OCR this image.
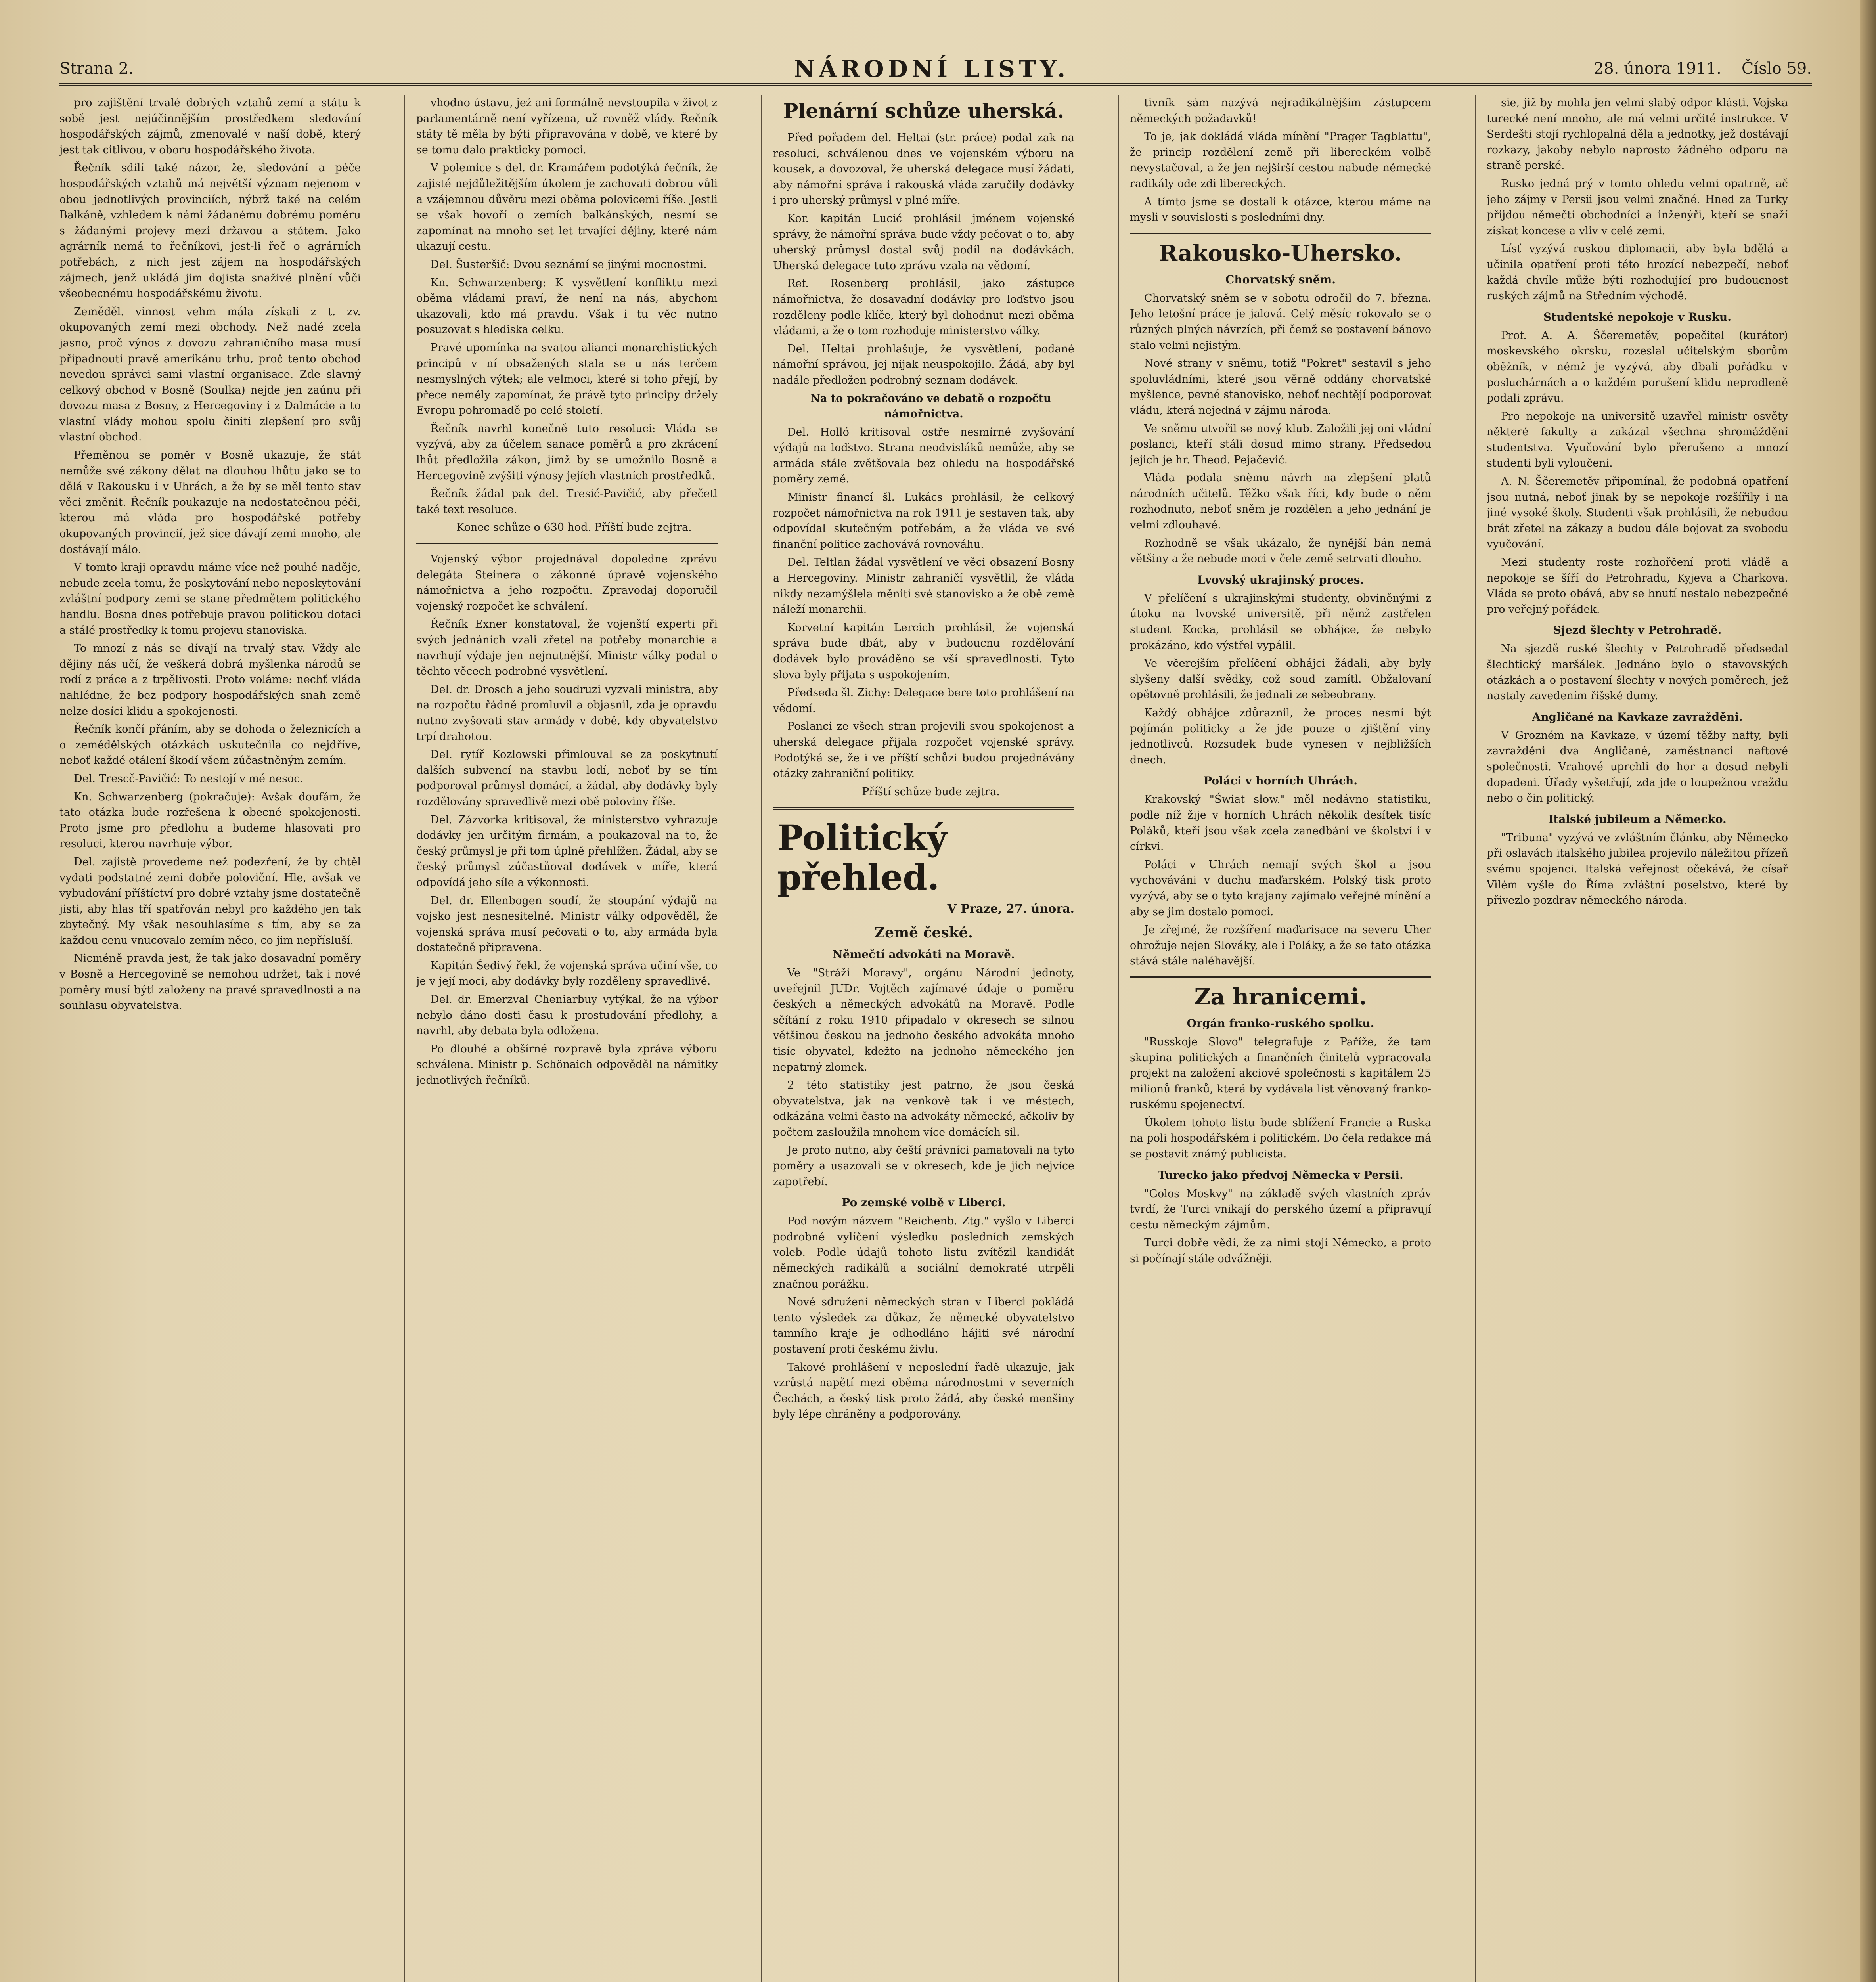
Strana 2.	NÁRODNÍ LISTY.	28. února 1911. Číslo 59.

pro zajištění trvalé dobrých vztahů zemí a státu k sobě jest nejúčinnějším prostředkem sledování hospodářských zájmů, zmenovalé v naší době, který jest tak citlivou, v oboru hospodářského života.

Řečník sdílí také názor, že, sledování a péče hospodářských vztahů má největší význam nejenom v obou jednotlivých provinciích, nýbrž také na celém Balkáně, vzhledem k námi žádanému dobrému poměru s žádanými projevy mezi državou a státem. Jako agrárník nemá to řečníkovi, jest-li řeč o agrárních potřebách, z nich jest zájem na hospodářských zájmech, jenž ukládá jim dojista snaživé plnění vůči všeobecnému hospodářskému životu.

Zeměděl. vinnost vehm mála získali z t. zv. okupovaných zemí mezi obchody. Než nadé zcela jasno, proč výnos z dovozu zahraničního masa musí připadnouti pravě amerikánu trhu, proč tento obchod nevedou správci sami vlastní organisace. Zde slavný celkový obchod v Bosně (Soulka) nejde jen zaúnu při dovozu masa z Bosny, z Hercegoviny i z Dalmácie a to vlastní vlády mohou spolu činiti zlepšení pro svůj vlastní obchod.

Přeměnou se poměr v Bosně ukazuje, že stát nemůže své zákony dělat na dlouhou lhůtu jako se to dělá v Rakousku i v Uhrách, a že by se měl tento stav věci změnit. Řečník poukazuje na nedostatečnou péči, kterou má vláda pro hospodářské potřeby okupovaných provincií, jež sice dávají zemi mnoho, ale dostávají málo.

V tomto kraji opravdu máme více než pouhé naděje, nebude zcela tomu, že poskytování nebo neposkytování zvláštní podpory zemi se stane předmětem politického handlu. Bosna dnes potřebuje pravou politickou dotaci a stálé prostředky k tomu projevu stanoviska.

To mnozí z nás se dívají na trvalý stav. Vždy ale dějiny nás učí, že veškerá dobrá myšlenka národů se rodí z práce a z trpělivosti. Proto voláme: nechť vláda nahlédne, že bez podpory hospodářských snah země nelze dosíci klidu a spokojenosti.

Řečník končí přáním, aby se dohoda o železnicích a o zemědělských otázkách uskutečnila co nejdříve, neboť každé otálení škodí všem zúčastněným zemím.

Del. Trescč-Pavičić: To nestojí v mé nesoc.

Kn. Schwarzenberg (pokračuje): Avšak doufám, že tato otázka bude rozřešena k obecné spokojenosti. Proto jsme pro předlohu a budeme hlasovati pro resoluci, kterou navrhuje výbor.

Del. zajistě provedeme než podezření, že by chtěl vydati podstatné zemi dobře poloviční. Hle, avšak ve vybudování příštíctví pro dobré vztahy jsme dostatečně jisti, aby hlas tří spatřován nebyl pro každého jen tak zbytečný. My však nesouhlasíme s tím, aby se za každou cenu vnucovalo zemím něco, co jim nepřísluší.

Nicméně pravda jest, že tak jako dosavadní poměry v Bosně a Hercegovině se nemohou udržet, tak i nové poměry musí býti založeny na pravé spravedlnosti a na souhlasu obyvatelstva.

vhodno ústavu, jež ani formálně nevstoupila v život z parlamentárně není vyřízena, už rovněž vlády. Řečník státy tě měla by býti připravována v době, ve které by se tomu dalo prakticky pomoci.

V polemice s del. dr. Kramářem podotýká řečník, že zajisté nejdůležitějším úkolem je zachovati dobrou vůli a vzájemnou důvěru mezi oběma polovicemi říše. Jestli se však hovoří o zemích balkánských, nesmí se zapomínat na mnoho set let trvající dějiny, které nám ukazují cestu.

Del. Šusteršič: Dvou seznámí se jinými mocnostmi.

Kn. Schwarzenberg: K vysvětlení konfliktu mezi oběma vládami praví, že není na nás, abychom ukazovali, kdo má pravdu. Však i tu věc nutno posuzovat s hlediska celku.

Pravé upomínka na svatou alianci monarchistických principů v ní obsažených stala se u nás terčem nesmyslných výtek; ale velmoci, které si toho přejí, by přece neměly zapomínat, že právě tyto principy držely Evropu pohromadě po celé století.

Řečník navrhl konečně tuto resoluci: Vláda se vyzývá, aby za účelem sanace poměrů a pro zkrácení lhůt předložila zákon, jímž by se umožnilo Bosně a Hercegovině zvýšiti výnosy jejích vlastních prostředků.

Řečník žádal pak del. Tresić-Pavičić, aby přečetl také text resoluce.

Konec schůze o 630 hod. Příští bude zejtra.

Vojenský výbor projednával dopoledne zprávu delegáta Steinera o zákonné úpravě vojenského námořnictva a jeho rozpočtu. Zpravodaj doporučil vojenský rozpočet ke schválení.

Řečník Exner konstatoval, že vojenští experti při svých jednáních vzali zřetel na potřeby monarchie a navrhují výdaje jen nejnutnější. Ministr války podal o těchto věcech podrobné vysvětlení.

Del. dr. Drosch a jeho soudruzi vyzvali ministra, aby na rozpočtu řádně promluvil a objasnil, zda je opravdu nutno zvyšovati stav armády v době, kdy obyvatelstvo trpí drahotou.

Del. rytíř Kozlowski přimlouval se za poskytnutí dalších subvencí na stavbu lodí, neboť by se tím podporoval průmysl domácí, a žádal, aby dodávky byly rozdělovány spravedlivě mezi obě poloviny říše.

Del. Zázvorka kritisoval, že ministerstvo vyhrazuje dodávky jen určitým firmám, a poukazoval na to, že český průmysl je při tom úplně přehlížen. Žádal, aby se český průmysl zúčastňoval dodávek v míře, která odpovídá jeho síle a výkonnosti.

Del. dr. Ellenbogen soudí, že stoupání výdajů na vojsko jest nesnesitelné. Ministr války odpověděl, že vojenská správa musí pečovati o to, aby armáda byla dostatečně připravena.

Kapitán Šedivý řekl, že vojenská správa učiní vše, co je v její moci, aby dodávky byly rozděleny spravedlivě.

Del. dr. Emerzval Cheniarbuy vytýkal, že na výbor nebylo dáno dosti času k prostudování předlohy, a navrhl, aby debata byla odložena.

Po dlouhé a obšírné rozpravě byla zpráva výboru schválena. Ministr p. Schönaich odpověděl na námitky jednotlivých řečníků.

Plenární schůze uherská.

Před pořadem del. Heltai (str. práce) podal zak na resoluci, schválenou dnes ve vojenském výboru na kousek, a dovozoval, že uherská delegace musí žádati, aby námořní správa i rakouská vláda zaručily dodávky i pro uherský průmysl v plné míře.

Kor. kapitán Lucić prohlásil jménem vojenské správy, že námořní správa bude vždy pečovat o to, aby uherský průmysl dostal svůj podíl na dodávkách. Uherská delegace tuto zprávu vzala na vědomí.

Ref. Rosenberg prohlásil, jako zástupce námořnictva, že dosavadní dodávky pro loďstvo jsou rozděleny podle klíče, který byl dohodnut mezi oběma vládami, a že o tom rozhoduje ministerstvo války.

Del. Heltai prohlašuje, že vysvětlení, podané námořní správou, jej nijak neuspokojilo. Žádá, aby byl nadále předložen podrobný seznam dodávek.

Na to pokračováno ve debatě o rozpočtu námořnictva.

Del. Holló kritisoval ostře nesmírné zvyšování výdajů na loďstvo. Strana neodvisláků nemůže, aby se armáda stále zvětšovala bez ohledu na hospodářské poměry země.

Ministr financí šl. Lukács prohlásil, že celkový rozpočet námořnictva na rok 1911 je sestaven tak, aby odpovídal skutečným potřebám, a že vláda ve své finanční politice zachovává rovnováhu.

Del. Teltlan žádal vysvětlení ve věci obsazení Bosny a Hercegoviny. Ministr zahraničí vysvětlil, že vláda nikdy nezamýšlela měniti své stanovisko a že obě země náleží monarchii.

Korvetní kapitán Lercich prohlásil, že vojenská správa bude dbát, aby v budoucnu rozdělování dodávek bylo prováděno se vší spravedlností. Tyto slova byly přijata s uspokojením.

Předseda šl. Zichy: Delegace bere toto prohlášení na vědomí.

Poslanci ze všech stran projevili svou spokojenost a uherská delegace přijala rozpočet vojenské správy. Podotýká se, že i ve příští schůzi budou projednávány otázky zahraniční politiky.

Příští schůze bude zejtra.

Politický přehled.
V Praze, 27. února.
Země české.
Němečtí advokáti na Moravě.

Ve "Stráži Moravy", orgánu Národní jednoty, uveřejnil JUDr. Vojtěch zajímavé údaje o poměru českých a německých advokátů na Moravě. Podle sčítání z roku 1910 připadalo v okresech se silnou většinou českou na jednoho českého advokáta mnoho tisíc obyvatel, kdežto na jednoho německého jen nepatrný zlomek.

2 této statistiky jest patrno, že jsou česká obyvatelstva, jak na venkově tak i ve městech, odkázána velmi často na advokáty německé, ačkoliv by počtem zasloužila mnohem více domácích sil.

Je proto nutno, aby čeští právníci pamatovali na tyto poměry a usazovali se v okresech, kde je jich nejvíce zapotřebí.

Po zemské volbě v Liberci.

Pod novým názvem "Reichenb. Ztg." vyšlo v Liberci podrobné vylíčení výsledku posledních zemských voleb. Podle údajů tohoto listu zvítězil kandidát německých radikálů a sociální demokraté utrpěli značnou porážku.

Nové sdružení německých stran v Liberci pokládá tento výsledek za důkaz, že německé obyvatelstvo tamního kraje je odhodláno hájiti své národní postavení proti českému živlu.

Takové prohlášení v neposlední řadě ukazuje, jak vzrůstá napětí mezi oběma národnostmi v severních Čechách, a český tisk proto žádá, aby české menšiny byly lépe chráněny a podporovány.

tivník sám nazývá nejradikálnějším zástupcem německých požadavků!

To je, jak dokládá vláda mínění "Prager Tagblattu", že princip rozdělení země při libereckém volbě nevystačoval, a že jen nejširší cestou nabude německé radikály ode zdi libereckých.

A tímto jsme se dostali k otázce, kterou máme na mysli v souvislosti s posledními dny.

Rakousko-Uhersko.
Chorvatský sněm.

Chorvatský sněm se v sobotu odročil do 7. března. Jeho letošní práce je jalová. Celý měsíc rokovalo se o různých plných návrzích, při čemž se postavení bánovo stalo velmi nejistým.

Nové strany v sněmu, totiž "Pokret" sestavil s jeho spoluvládními, které jsou věrně oddány chorvatské myšlence, pevné stanovisko, neboť nechtějí podporovat vládu, která nejedná v zájmu národa.

Ve sněmu utvořil se nový klub. Založili jej oni vládní poslanci, kteří stáli dosud mimo strany. Předsedou jejich je hr. Theod. Pejačević.

Vláda podala sněmu návrh na zlepšení platů národních učitelů. Těžko však říci, kdy bude o něm rozhodnuto, neboť sněm je rozdělen a jeho jednání je velmi zdlouhavé.

Rozhodně se však ukázalo, že nynější bán nemá většiny a že nebude moci v čele země setrvati dlouho.

Lvovský ukrajinský proces.

V přelíčení s ukrajinskými studenty, obviněnými z útoku na lvovské universitě, při němž zastřelen student Kocka, prohlásil se obhájce, že nebylo prokázáno, kdo výstřel vypálil.

Ve včerejším přelíčení obhájci žádali, aby byly slyšeny další svědky, což soud zamítl. Obžalovaní opětovně prohlásili, že jednali ze sebeobrany.

Každý obhájce zdůraznil, že proces nesmí být pojímán politicky a že jde pouze o zjištění viny jednotlivců. Rozsudek bude vynesen v nejbližších dnech.

Poláci v horních Uhrách.

Krakovský "Świat słow." měl nedávno statistiku, podle níž žije v horních Uhrách několik desítek tisíc Poláků, kteří jsou však zcela zanedbáni ve školství i v církvi.

Poláci v Uhrách nemají svých škol a jsou vychováváni v duchu maďarském. Polský tisk proto vyzývá, aby se o tyto krajany zajímalo veřejné mínění a aby se jim dostalo pomoci.

Je zřejmé, že rozšíření maďarisace na severu Uher ohrožuje nejen Slováky, ale i Poláky, a že se tato otázka stává stále naléhavější.

Za hranicemi.
Orgán franko-ruského spolku.

"Russkoje Slovo" telegrafuje z Paříže, že tam skupina politických a finančních činitelů vypracovala projekt na založení akciové společnosti s kapitálem 25 milionů franků, která by vydávala list věnovaný franko-ruskému spojenectví.

Úkolem tohoto listu bude sblížení Francie a Ruska na poli hospodářském i politickém. Do čela redakce má se postavit známý publicista.

Turecko jako předvoj Německa v Persii.

"Golos Moskvy" na základě svých vlastních zpráv tvrdí, že Turci vnikají do perského území a připravují cestu německým zájmům.

Turci dobře vědí, že za nimi stojí Německo, a proto si počínají stále odvážněji.

sie, již by mohla jen velmi slabý odpor klásti. Vojska turecké není mnoho, ale má velmi určité instrukce. V Serdešti stojí rychlopalná děla a jednotky, jež dostávají rozkazy, jakoby nebylo naprosto žádného odporu na straně perské.

Rusko jedná prý v tomto ohledu velmi opatrně, ač jeho zájmy v Persii jsou velmi značné. Hned za Turky přijdou němečtí obchodníci a inženýři, kteří se snaží získat koncese a vliv v celé zemi.

Lísť vyzývá ruskou diplomacii, aby byla bdělá a učinila opatření proti této hrozící nebezpečí, neboť každá chvíle může býti rozhodující pro budoucnost ruských zájmů na Středním východě.

Studentské nepokoje v Rusku.

Prof. A. A. Ščeremetěv, popečitel (kurátor) moskevského okrsku, rozeslal učitelským sborům oběžník, v němž je vyzývá, aby dbali pořádku v posluchárnách a o každém porušení klidu neprodleně podali zprávu.

Pro nepokoje na universitě uzavřel ministr osvěty některé fakulty a zakázal všechna shromáždění studentstva. Vyučování bylo přerušeno a mnozí studenti byli vyloučeni.

A. N. Ščeremetěv připomínal, že podobná opatření jsou nutná, neboť jinak by se nepokoje rozšířily i na jiné vysoké školy. Studenti však prohlásili, že nebudou brát zřetel na zákazy a budou dále bojovat za svobodu vyučování.

Mezi studenty roste rozhořčení proti vládě a nepokoje se šíří do Petrohradu, Kyjeva a Charkova. Vláda se proto obává, aby se hnutí nestalo nebezpečné pro veřejný pořádek.

Sjezd šlechty v Petrohradě.

Na sjezdě ruské šlechty v Petrohradě předsedal šlechtický maršálek. Jednáno bylo o stavovských otázkách a o postavení šlechty v nových poměrech, jež nastaly zavedením říšské dumy.

Angličané na Kavkaze zavražděni.

V Grozném na Kavkaze, v území těžby nafty, byli zavražděni dva Angličané, zaměstnanci naftové společnosti. Vrahové uprchli do hor a dosud nebyli dopadeni. Úřady vyšetřují, zda jde o loupežnou vraždu nebo o čin politický.

Italské jubileum a Německo.

"Tribuna" vyzývá ve zvláštním článku, aby Německo při oslavách italského jubilea projevilo náležitou přízeň svému spojenci. Italská veřejnost očekává, že císař Vilém vyšle do Říma zvláštní poselstvo, které by přivezlo pozdrav německého národa.
